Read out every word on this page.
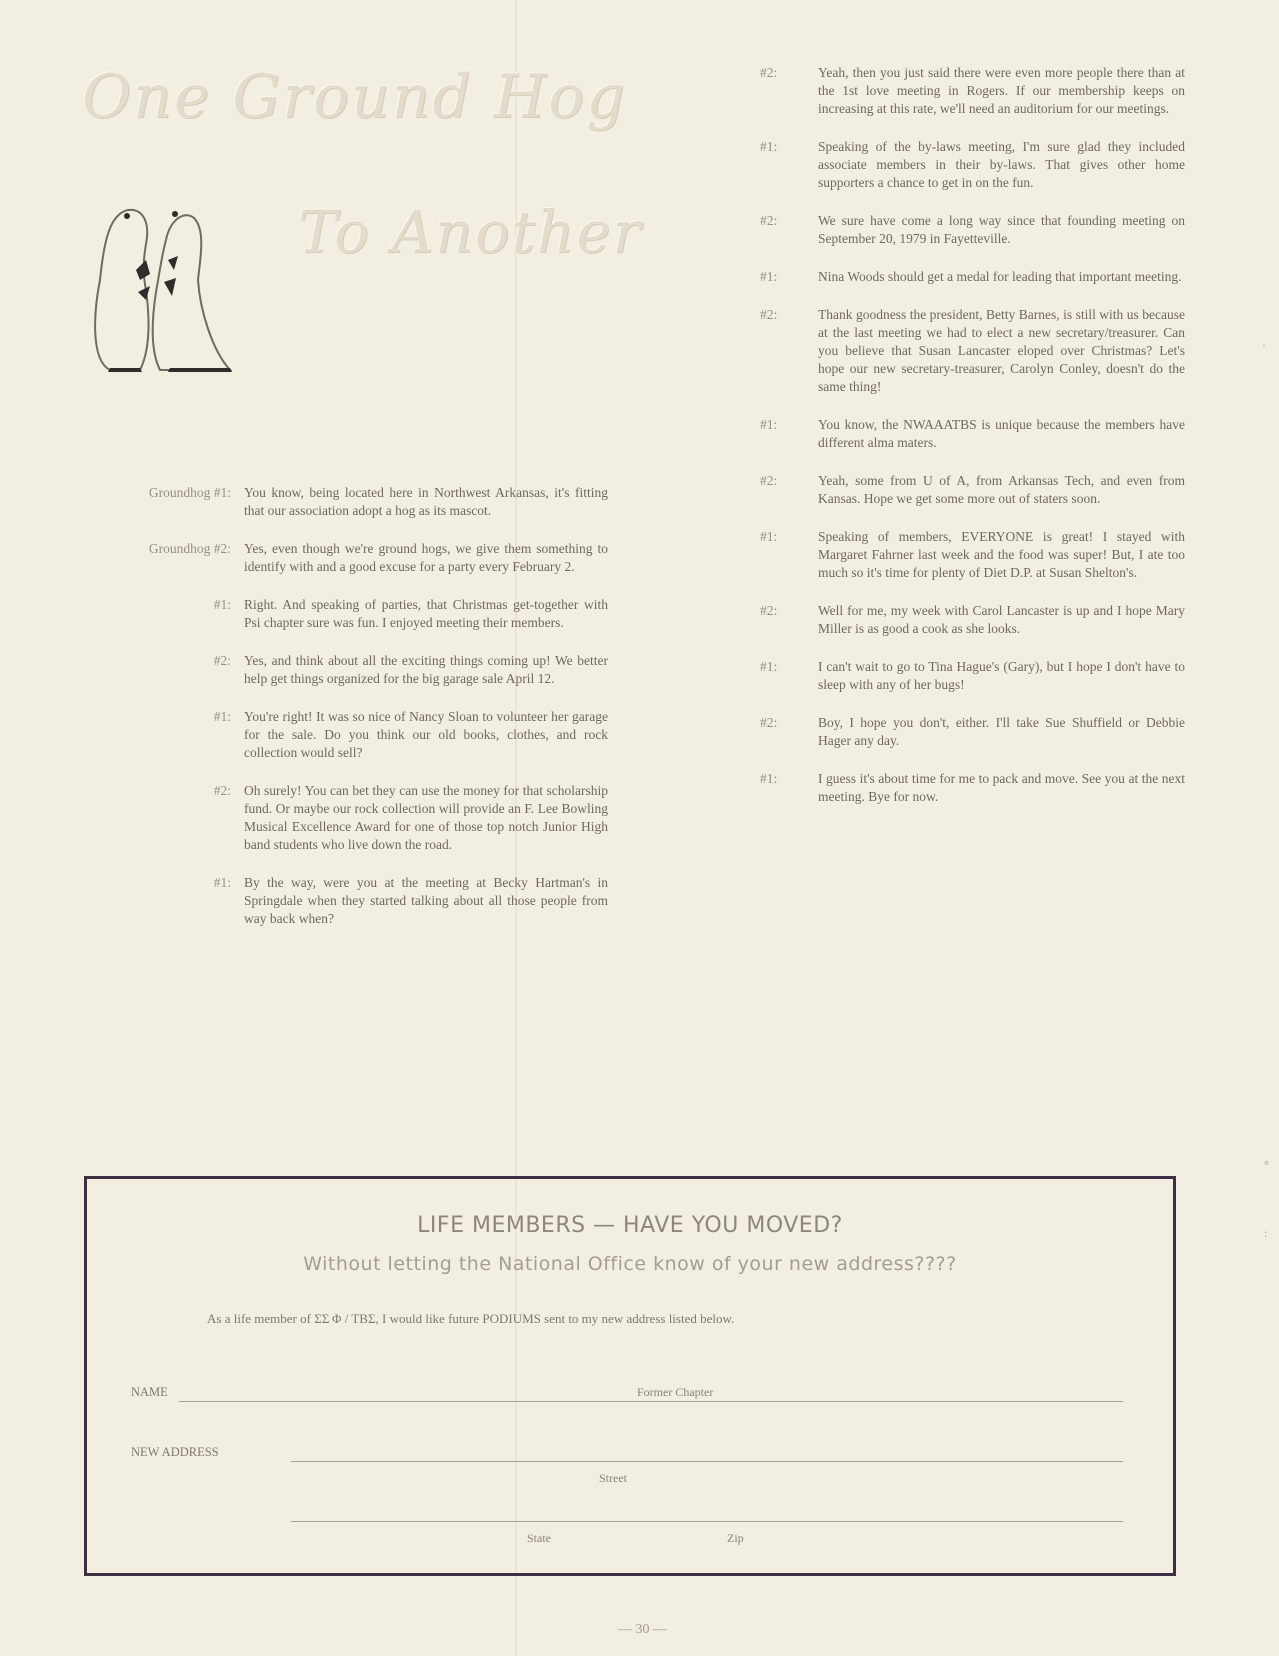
One Ground Hog
To Another
Groundhog #1: You know, being located here in Northwest Arkansas, it's fitting that our association adopt a hog as its mascot.
Groundhog #2: Yes, even though we're ground hogs, we give them something to identify with and a good excuse for a party every February 2.
#1: Right. And speaking of parties, that Christmas get-together with Psi chapter sure was fun. I enjoyed meeting their members.
#2: Yes, and think about all the exciting things coming up! We better help get things organized for the big garage sale April 12.
#1: You're right! It was so nice of Nancy Sloan to volunteer her garage for the sale. Do you think our old books, clothes, and rock collection would sell?
#2: Oh surely! You can bet they can use the money for that scholarship fund. Or maybe our rock collection will provide an F. Lee Bowling Musical Excellence Award for one of those top notch Junior High band students who live down the road.
#1: By the way, were you at the meeting at Becky Hartman's in Springdale when they started talking about all those people from way back when?
#2:	Yeah, then you just said there were even more people there than at the 1st love meeting in Rogers. If our membership keeps on increasing at this rate, we'll need an auditorium for our meetings.
#1:	Speaking of the by-laws meeting, I'm sure glad they included associate members in their by-laws. That gives other home supporters a chance to get in on the fun.
#2:	We sure have come a long way since that founding meeting on September 20, 1979 in Fayetteville.
#1:	Nina Woods should get a medal for leading that important meeting.
#2:	Thank goodness the president, Betty Barnes, is still with us because at the last meeting we had to elect a new secretary/treasurer. Can you believe that Susan Lancaster eloped over Christmas? Let's hope our new secretary-treasurer, Carolyn Conley, doesn't do the same thing!
#1:	You know, the NWAAATBS is unique because the members have different alma maters.
#2:	Yeah, some from U of A, from Arkansas Tech, and even from Kansas. Hope we get some more out of staters soon.
#1:	Speaking of members, EVERYONE is great! I stayed with Margaret Fahrner last week and the food was super! But, I ate too much so it's time for plenty of Diet D.P. at Susan Shelton's.
#2:	Well for me, my week with Carol Lancaster is up and I hope Mary Miller is as good a cook as she looks.
#1:	I can't wait to go to Tina Hague's (Gary), but I hope I don't have to sleep with any of her bugs!
#2:	Boy, I hope you don't, either. I'll take Sue Shuffield or Debbie Hager any day.
#1:	I guess it's about time for me to pack and move. See you at the next meeting. Bye for now.
LIFE MEMBERS — HAVE YOU MOVED?
Without letting the National Office know of your new address????
As a life member of ΣΣ Φ / ΤΒΣ, I would like future PODIUMS sent to my new address listed below.
NAME	Former Chapter
NEW ADDRESS
Street
State	Zip
— 30 —
·
°
:
